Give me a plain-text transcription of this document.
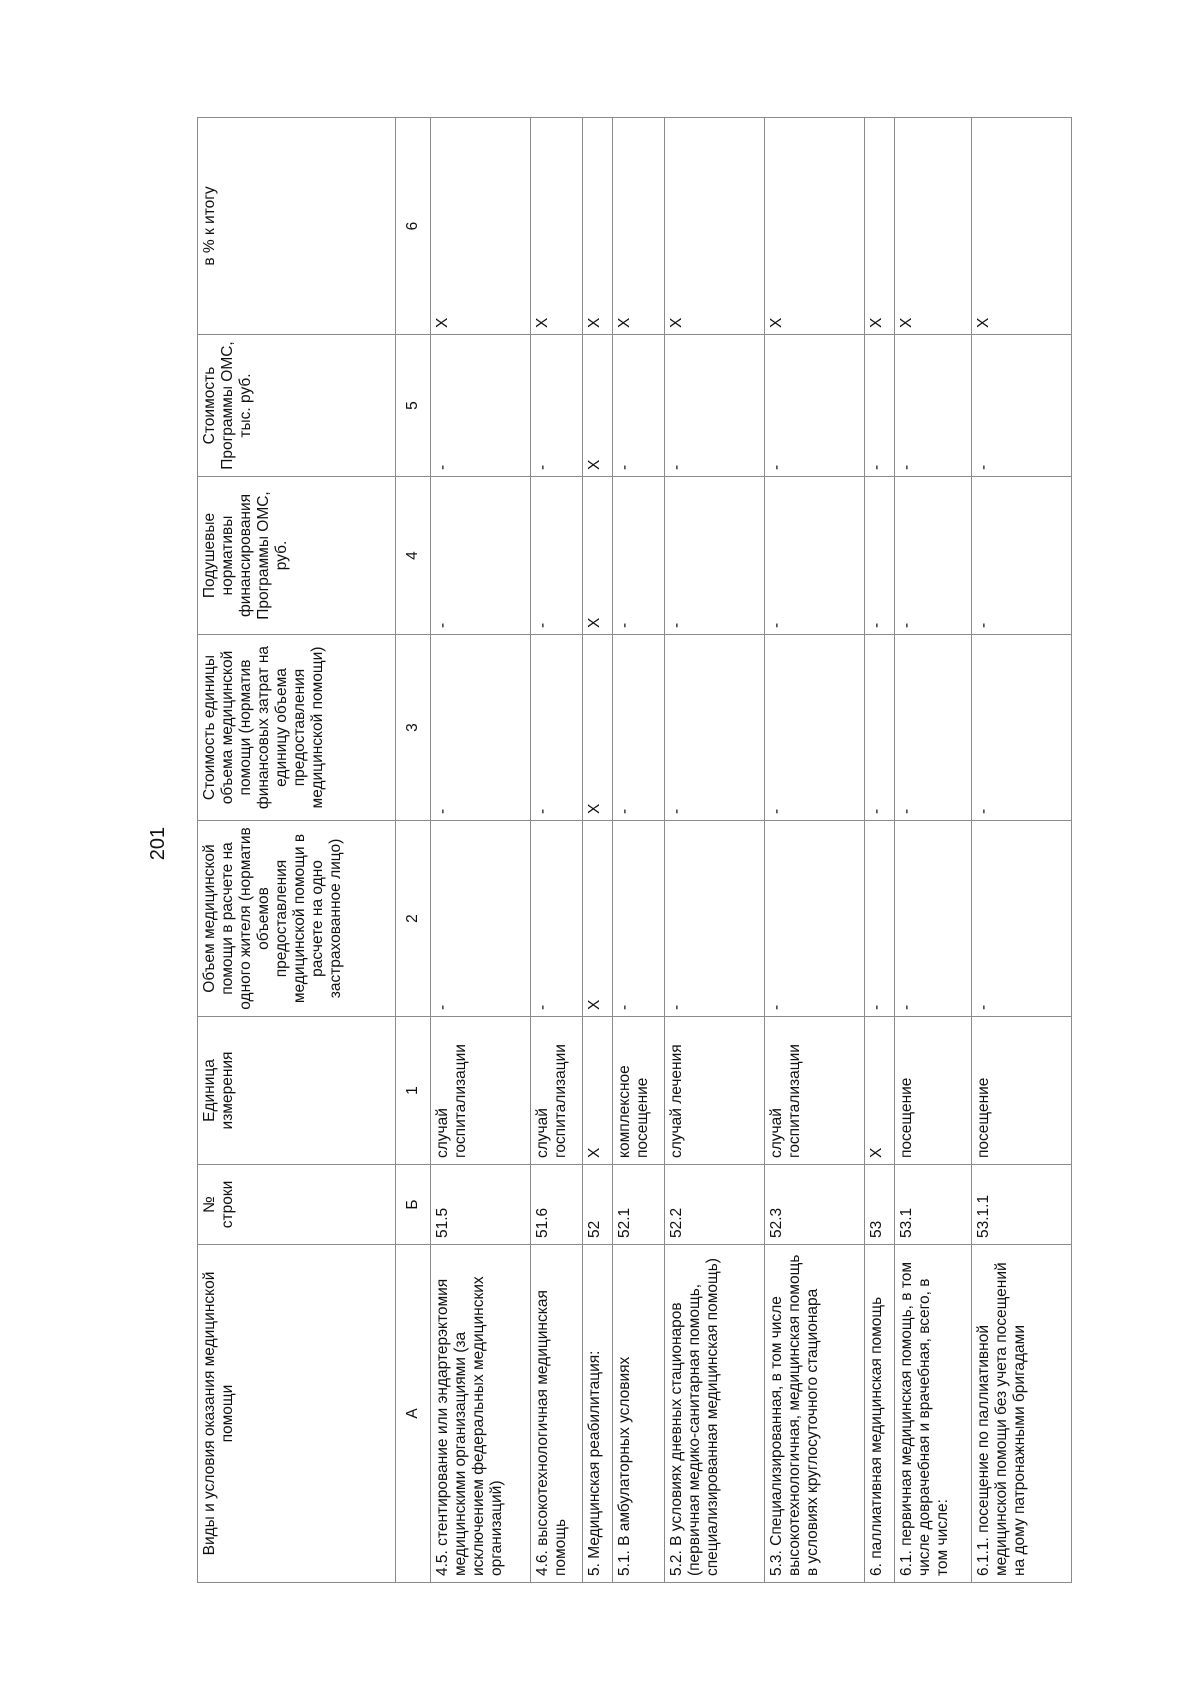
201
Виды и условия оказания медицинской помощи	№ строки	Единица измерения	Объем медицинской помощи в расчете на одного жителя (норматив объемов предоставления медицинской помощи в расчете на одно застрахованное лицо)	Стоимость единицы объема медицинской помощи (норматив финансовых затрат на единицу объема предоставления медицинской помощи)	Подушевые нормативы финансирования Программы ОМС, руб.	Стоимость Программы ОМС, тыс. руб.	в % к итогу
А	Б	1	2	3	4	5	6
4.5. стентирование или эндартерэктомия медицинскими организациями (за исключением федеральных медицинских организаций)	51.5	случай госпитализации	-	-	-	-	Х
4.6. высокотехнологичная медицинская помощь	51.6	случай госпитализации	-	-	-	-	Х
5. Медицинская реабилитация:	52	Х	Х	Х	Х	Х	Х
5.1. В амбулаторных условиях	52.1	комплексное посещение	-	-	-	-	Х
5.2. В условиях дневных стационаров (первичная медико-санитарная помощь, специализированная медицинская помощь)	52.2	случай лечения	-	-	-	-	Х
5.3. Специализированная, в том числе высокотехнологичная, медицинская помощь в условиях круглосуточного стационара	52.3	случай госпитализации	-	-	-	-	Х
6. паллиативная медицинская помощь	53	Х	-	-	-	-	Х
6.1. первичная медицинская помощь, в том числе доврачебная и врачебная, всего, в том числе:	53.1	посещение	-	-	-	-	Х
6.1.1. посещение по паллиативной медицинской помощи без учета посещений на дому патронажными бригадами	53.1.1	посещение	-	-	-	-	Х
